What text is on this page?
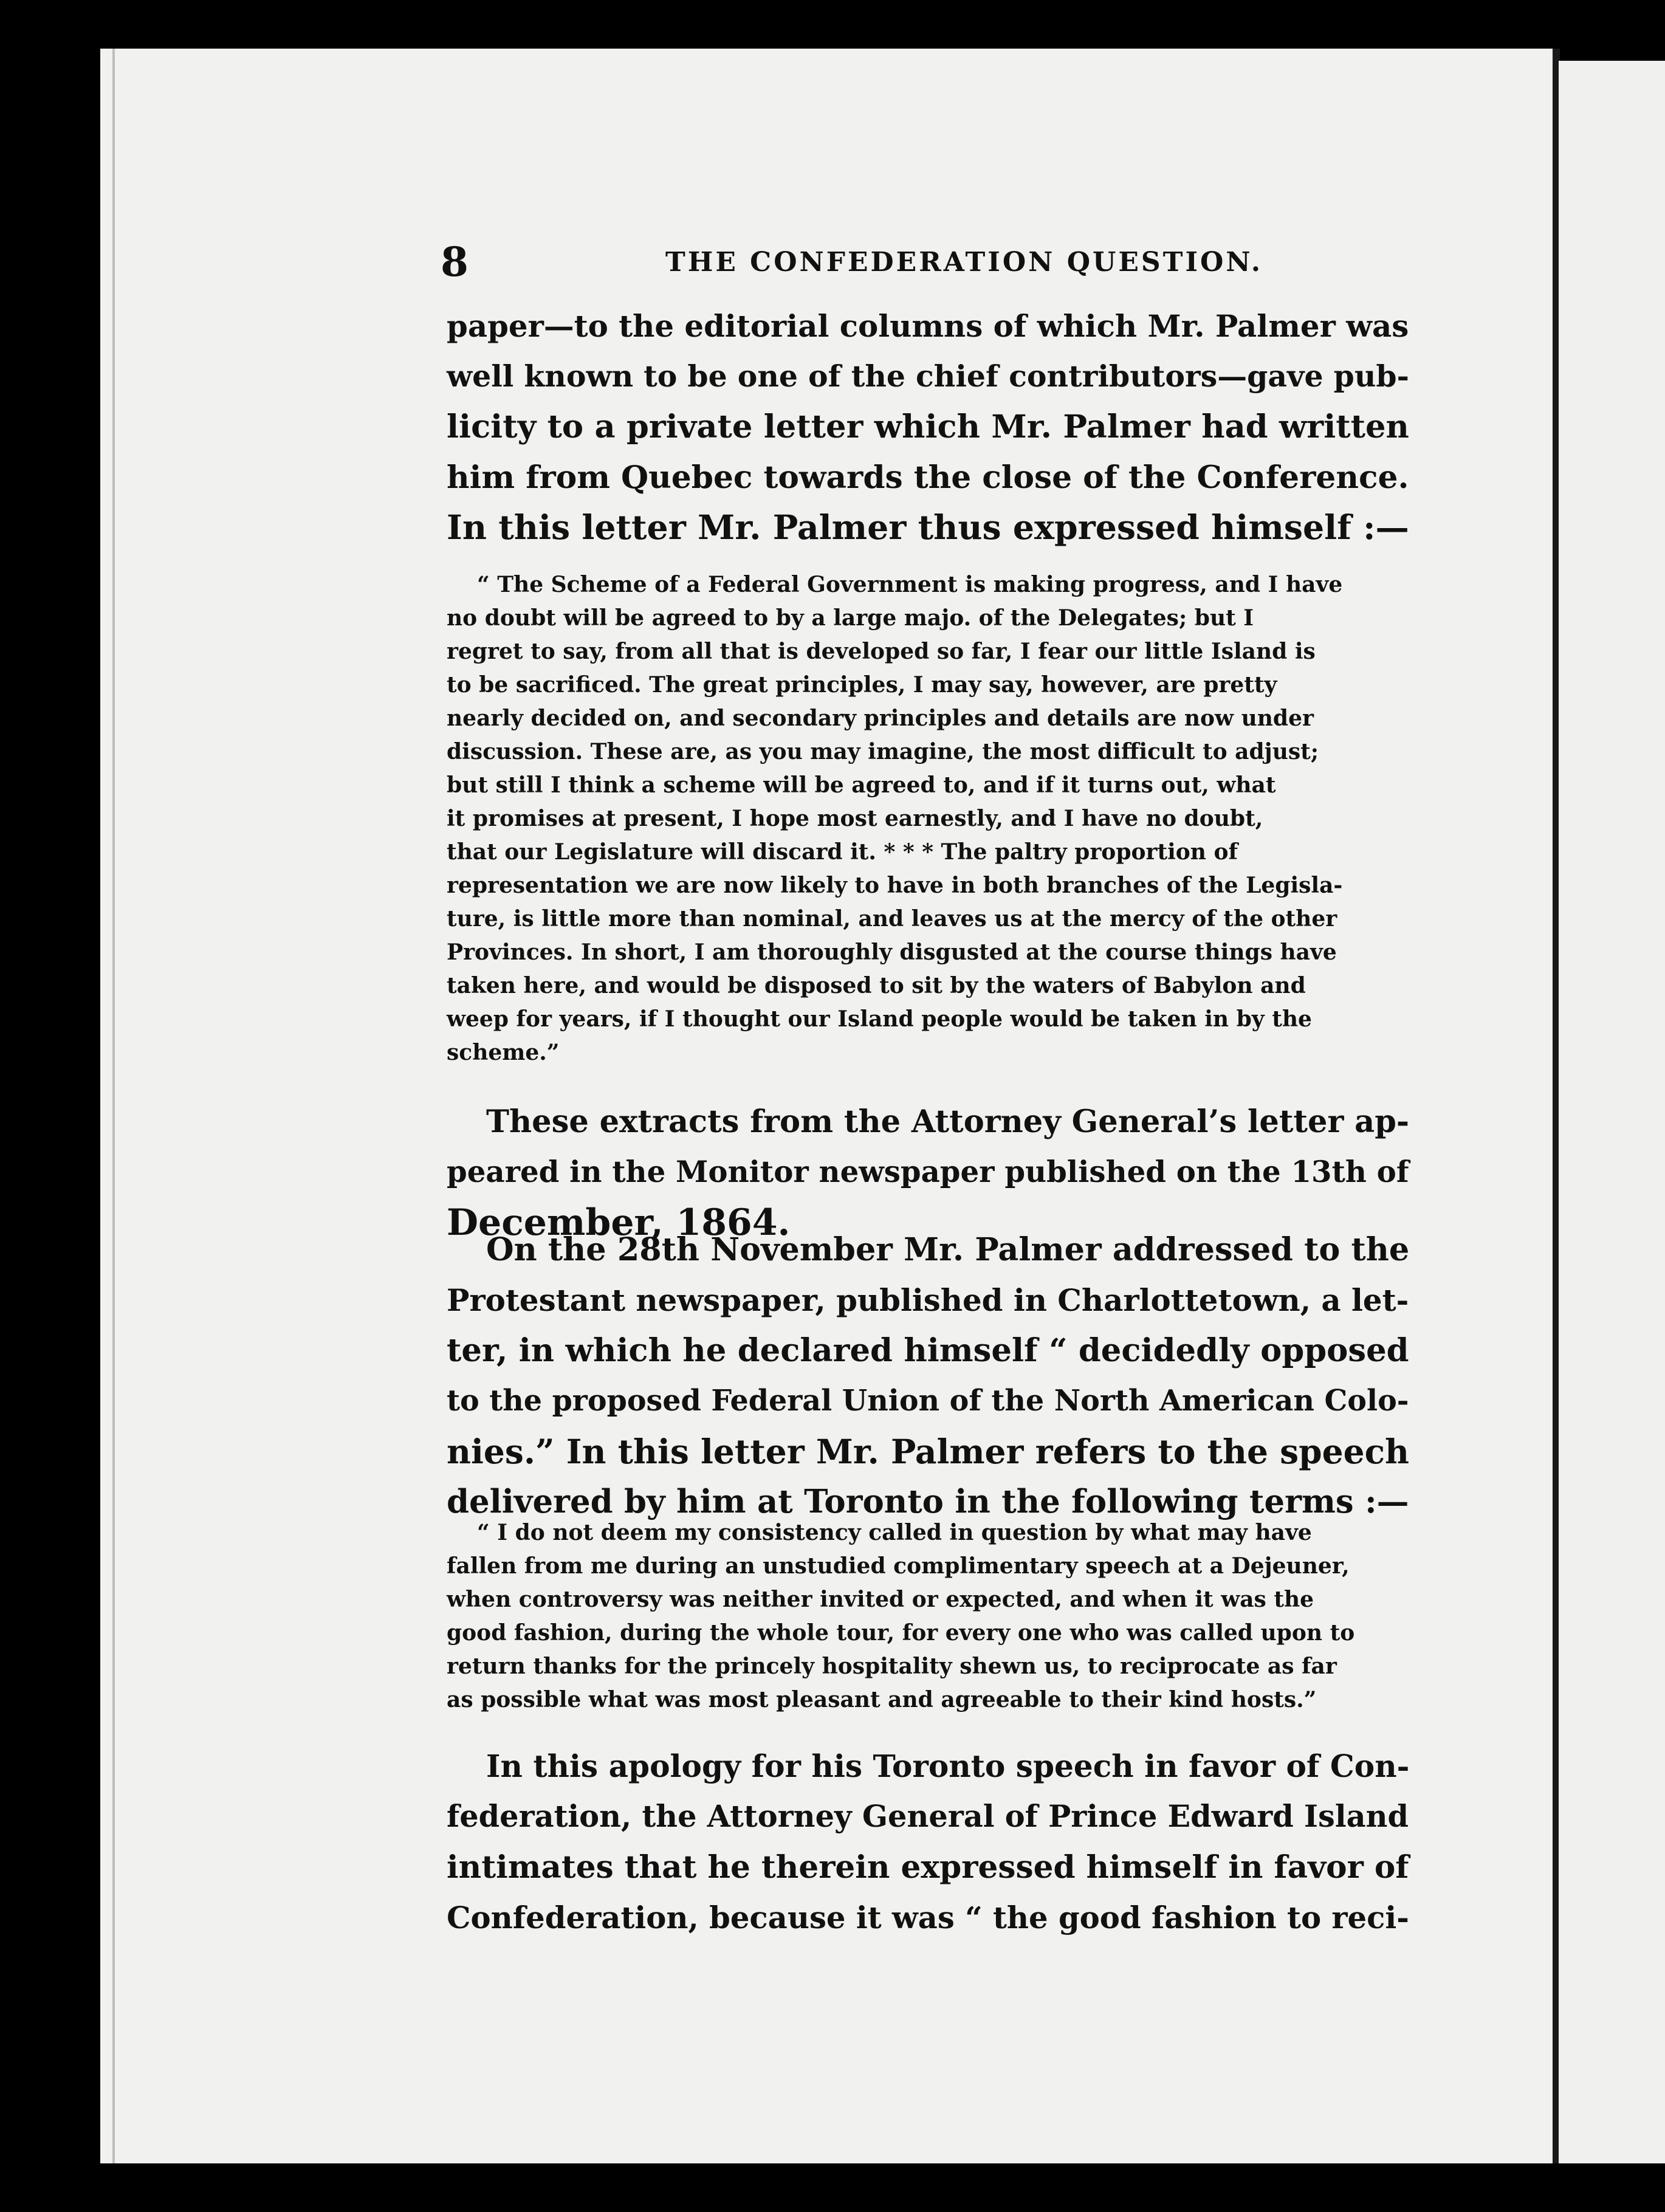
8	THE CONFEDERATION QUESTION.
paper—to the editorial columns of which Mr. Palmer was
well known to be one of the chief contributors—gave pub-
licity to a private letter which Mr. Palmer had written
him from Quebec towards the close of the Conference.
In this letter Mr. Palmer thus expressed himself :—
“ The Scheme of a Federal Government is making progress, and I have
no doubt will be agreed to by a large majo. of the Delegates; but I
regret to say, from all that is developed so far, I fear our little Island is
to be sacrificed. The great principles, I may say, however, are pretty
nearly decided on, and secondary principles and details are now under
discussion. These are, as you may imagine, the most difficult to adjust;
but still I think a scheme will be agreed to, and if it turns out, what
it promises at present, I hope most earnestly, and I have no doubt,
that our Legislature will discard it. * * * The paltry proportion of
representation we are now likely to have in both branches of the Legisla-
ture, is little more than nominal, and leaves us at the mercy of the other
Provinces. In short, I am thoroughly disgusted at the course things have
taken here, and would be disposed to sit by the waters of Babylon and
weep for years, if I thought our Island people would be taken in by the
scheme.”
These extracts from the Attorney General’s letter ap-
peared in the Monitor newspaper published on the 13th of
December, 1864.
On the 28th November Mr. Palmer addressed to the
Protestant newspaper, published in Charlottetown, a let-
ter, in which he declared himself “ decidedly opposed
to the proposed Federal Union of the North American Colo-
nies.” In this letter Mr. Palmer refers to the speech
delivered by him at Toronto in the following terms :—
“ I do not deem my consistency called in question by what may have
fallen from me during an unstudied complimentary speech at a Dejeuner,
when controversy was neither invited or expected, and when it was the
good fashion, during the whole tour, for every one who was called upon to
return thanks for the princely hospitality shewn us, to reciprocate as far
as possible what was most pleasant and agreeable to their kind hosts.”
In this apology for his Toronto speech in favor of Con-
federation, the Attorney General of Prince Edward Island
intimates that he therein expressed himself in favor of
Confederation, because it was “ the good fashion to reci-
